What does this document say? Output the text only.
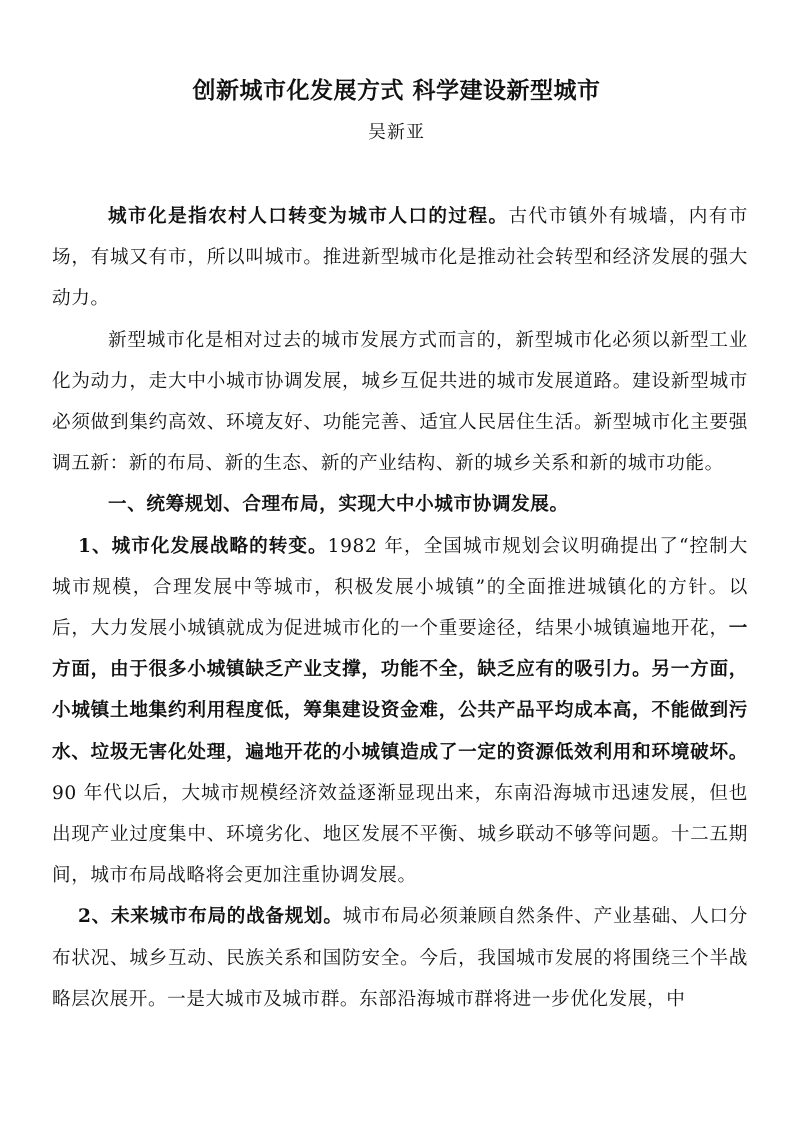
创新城市化发展方式 科学建设新型城市
吴新亚

城市化是指农村人口转变为城市人口的过程。古代市镇外有城墙，内有市场，有城又有市，所以叫城市。推进新型城市化是推动社会转型和经济发展的强大动力。

新型城市化是相对过去的城市发展方式而言的，新型城市化必须以新型工业化为动力，走大中小城市协调发展，城乡互促共进的城市发展道路。建设新型城市必须做到集约高效、环境友好、功能完善、适宜人民居住生活。新型城市化主要强调五新：新的布局、新的生态、新的产业结构、新的城乡关系和新的城市功能。

一、统筹规划、合理布局，实现大中小城市协调发展。

1、城市化发展战略的转变。1982 年，全国城市规划会议明确提出了“控制大城市规模，合理发展中等城市，积极发展小城镇”的全面推进城镇化的方针。以后，大力发展小城镇就成为促进城市化的一个重要途径，结果小城镇遍地开花，一方面，由于很多小城镇缺乏产业支撑，功能不全，缺乏应有的吸引力。另一方面，小城镇土地集约利用程度低，筹集建设资金难，公共产品平均成本高，不能做到污水、垃圾无害化处理，遍地开花的小城镇造成了一定的资源低效利用和环境破坏。90 年代以后，大城市规模经济效益逐渐显现出来，东南沿海城市迅速发展，但也出现产业过度集中、环境劣化、地区发展不平衡、城乡联动不够等问题。十二五期间，城市布局战略将会更加注重协调发展。

2、未来城市布局的战备规划。城市布局必须兼顾自然条件、产业基础、人口分布状况、城乡互动、民族关系和国防安全。今后，我国城市发展的将围绕三个半战略层次展开。一是大城市及城市群。东部沿海城市群将进一步优化发展，中
